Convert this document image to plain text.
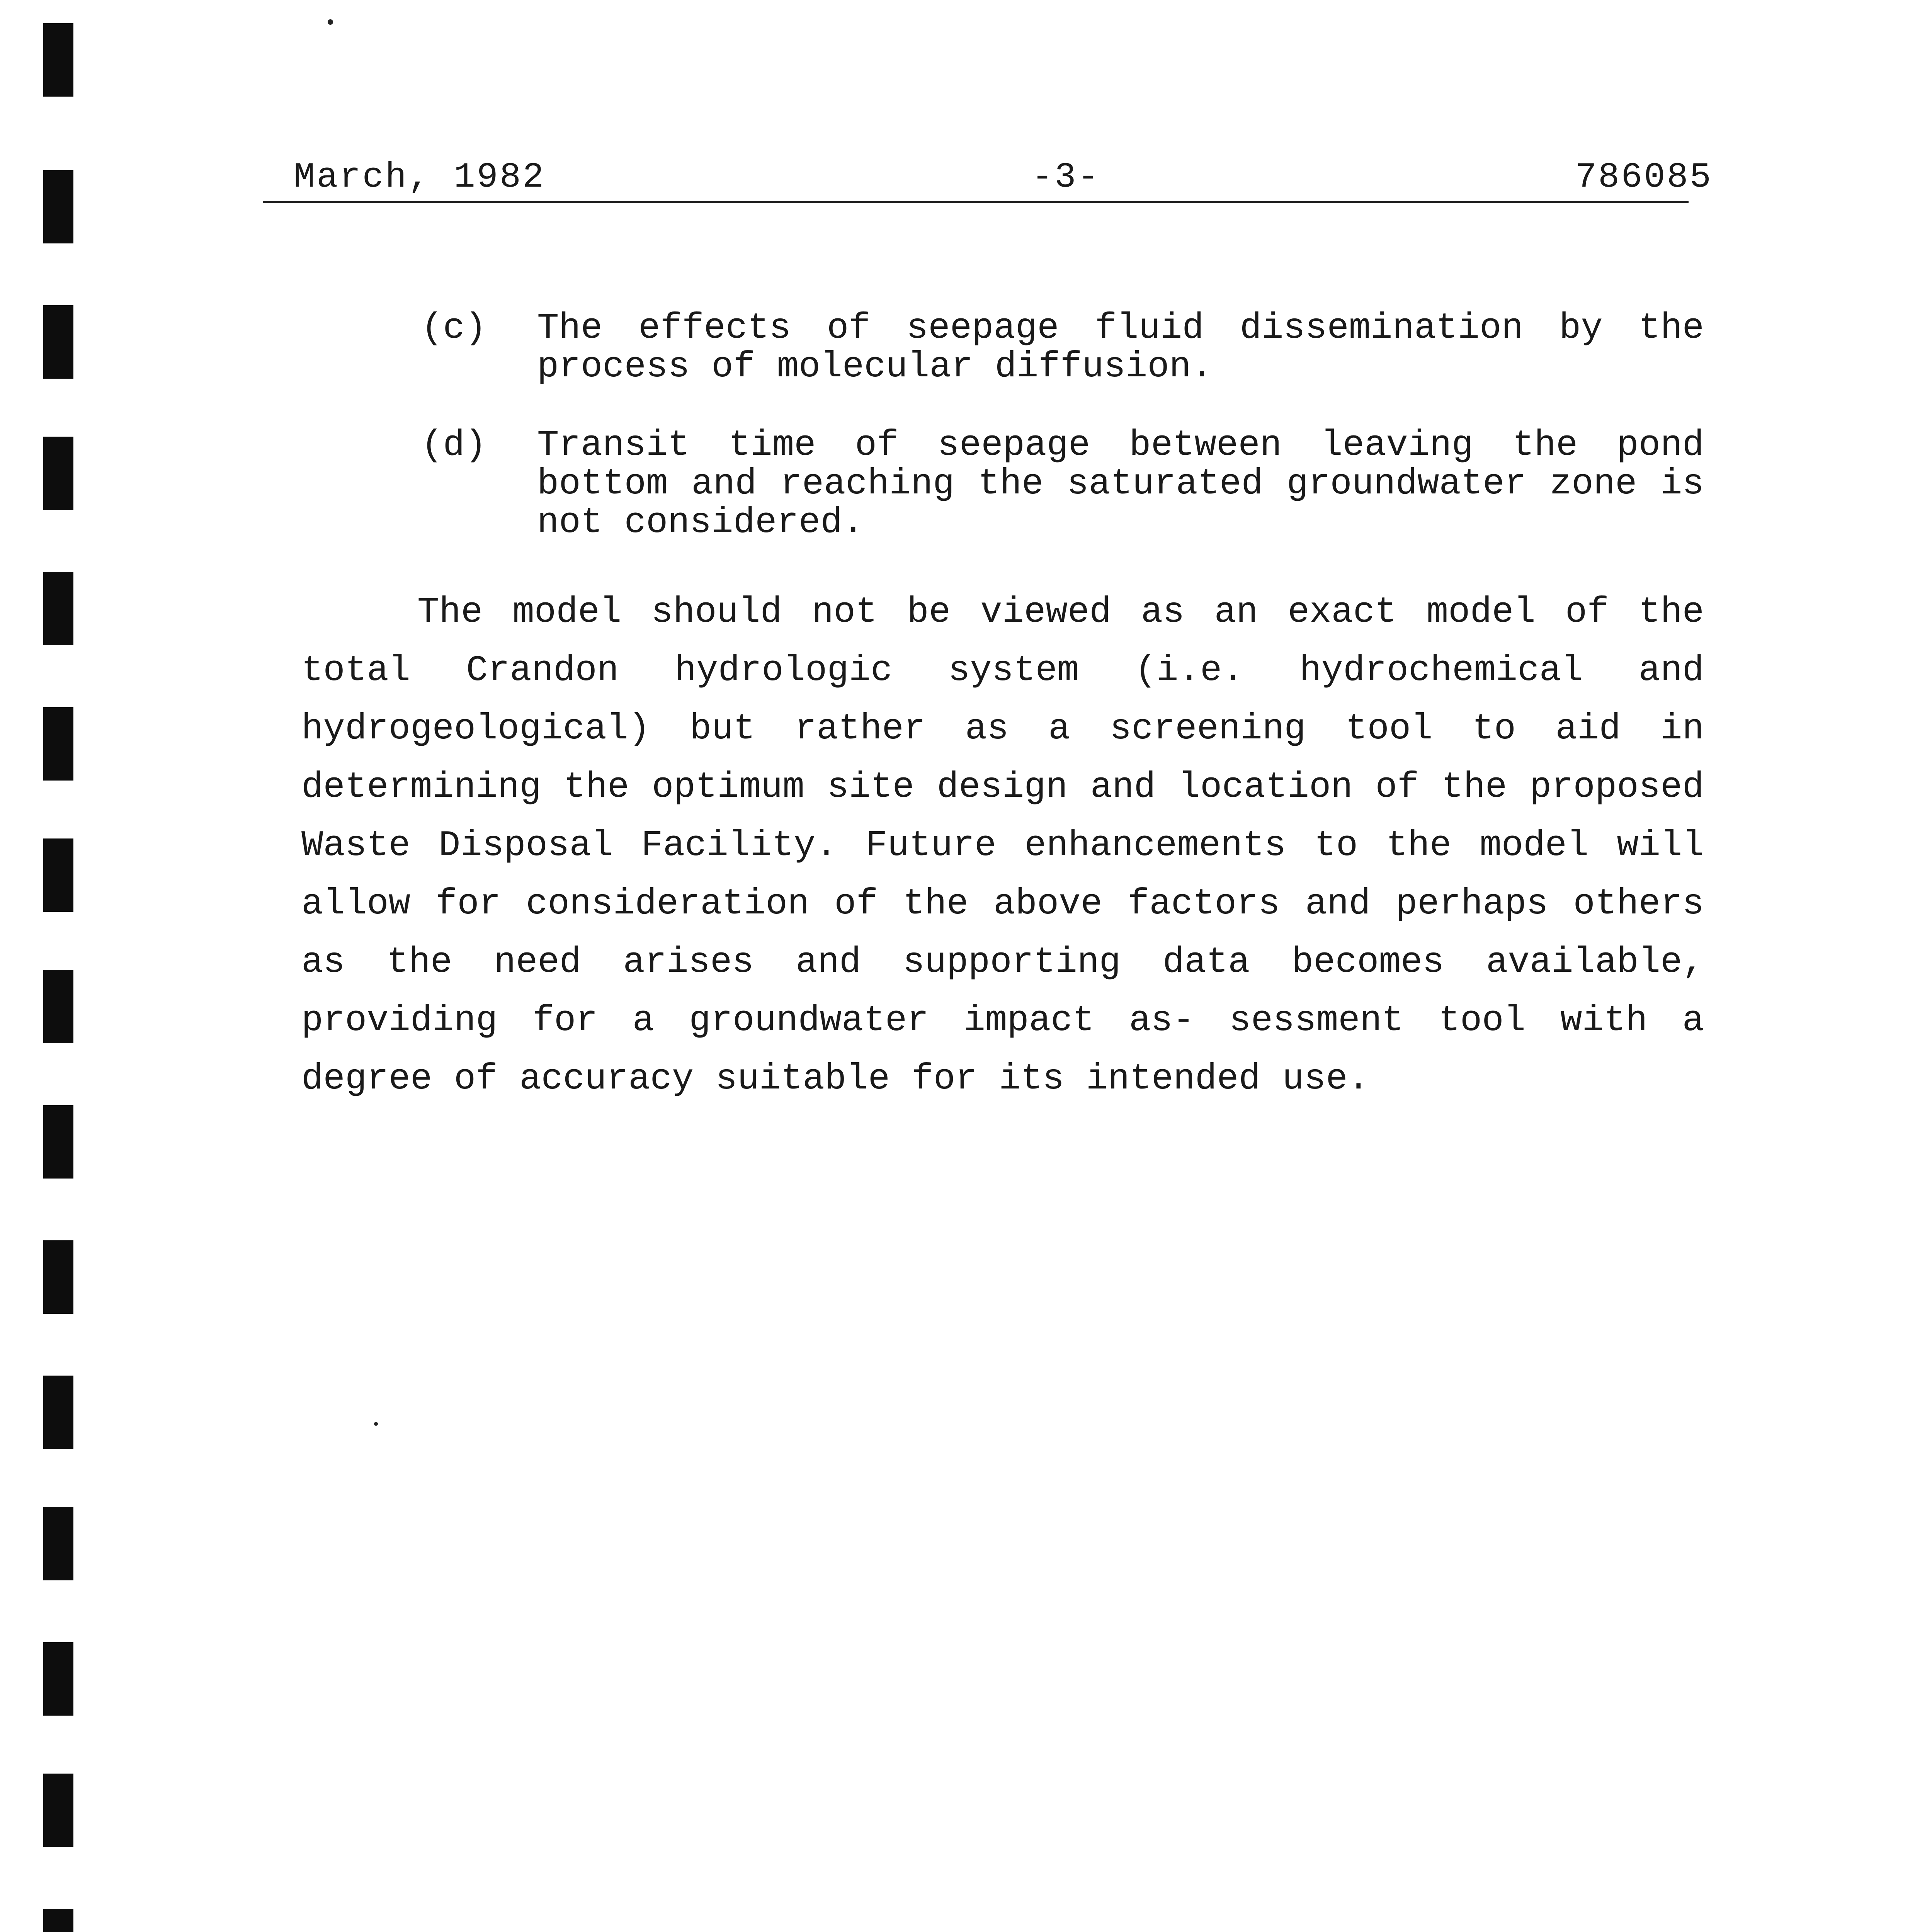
March, 1982	-3-	786085
(c) The effects of seepage fluid dissemination by the process of molecular diffusion.
(d) Transit time of seepage between leaving the pond bottom and reaching the saturated groundwater zone is not considered.
The model should not be viewed as an exact model of the total Crandon hydrologic system (i.e. hydrochemical and hydrogeological) but rather as a screening tool to aid in determining the optimum site design and location of the proposed Waste Disposal Facility. Future enhancements to the model will allow for consideration of the above factors and perhaps others as the need arises and supporting data becomes available, providing for a groundwater impact as- sessment tool with a degree of accuracy suitable for its intended use.
